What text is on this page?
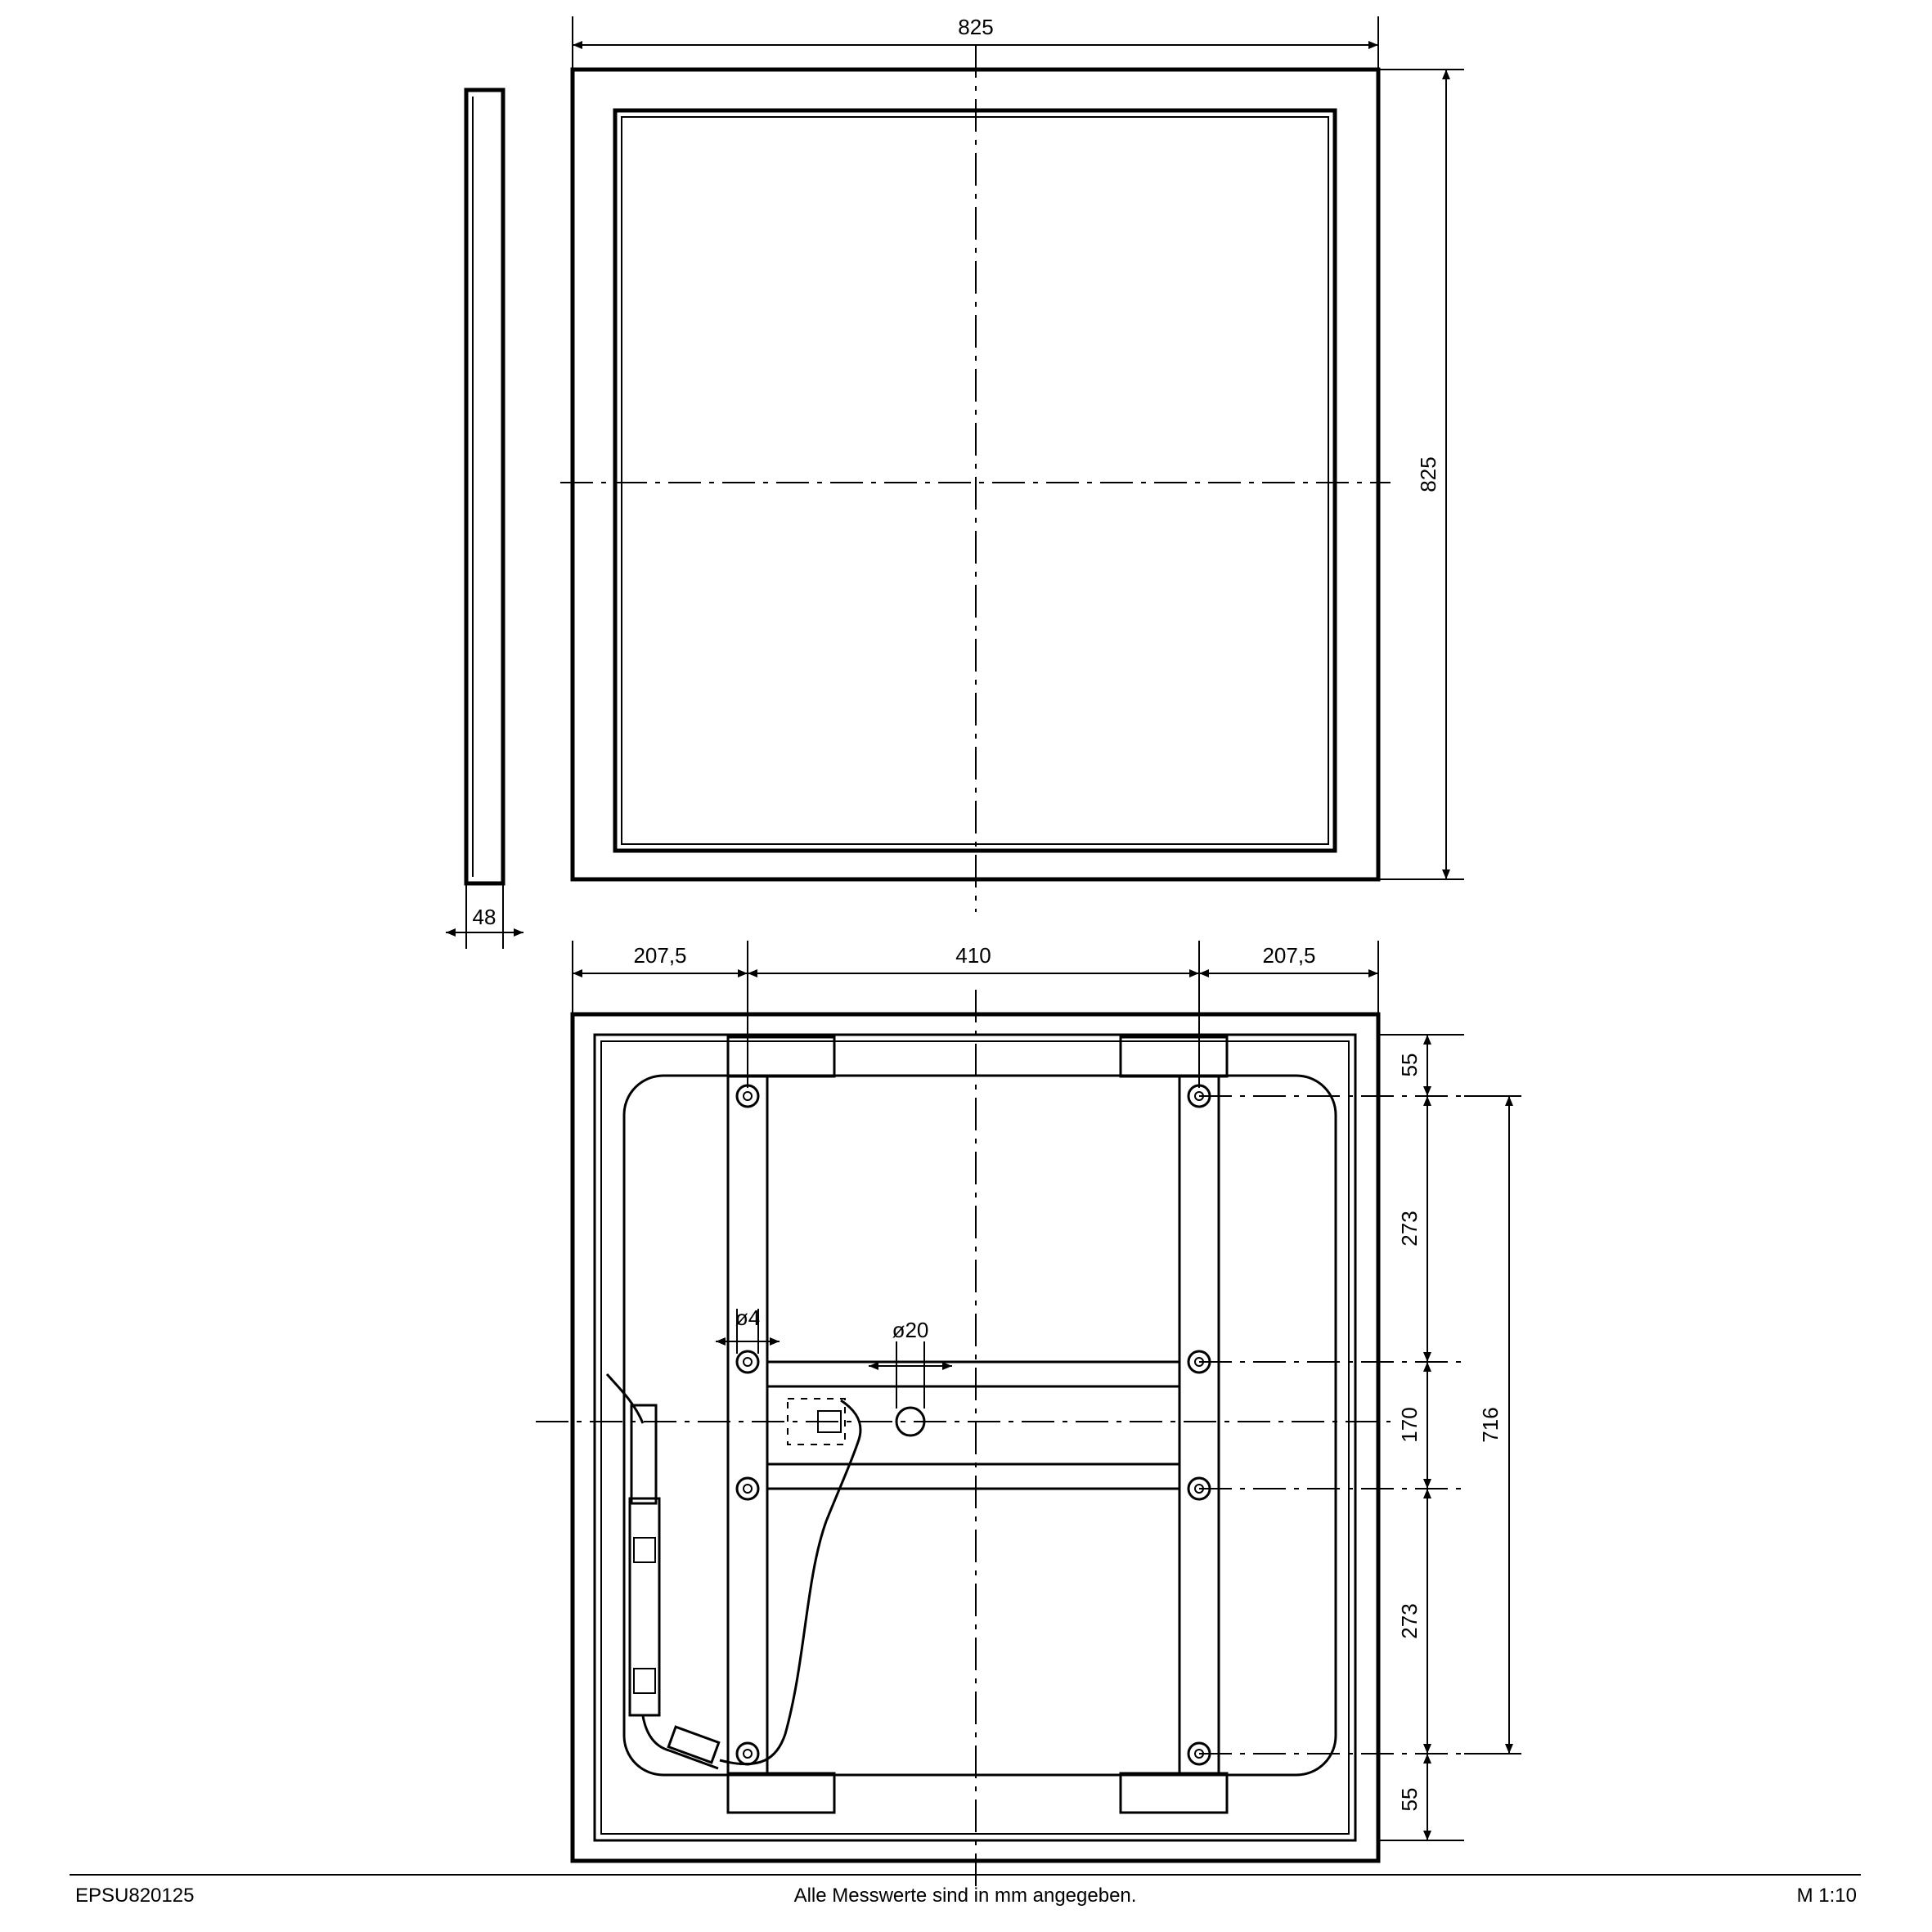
48
825
825
207,5	410	207,5
ø4	ø20
55
273
170
273
55
716
EPSU820125	Alle Messwerte sind in mm angegeben.	M 1:10
